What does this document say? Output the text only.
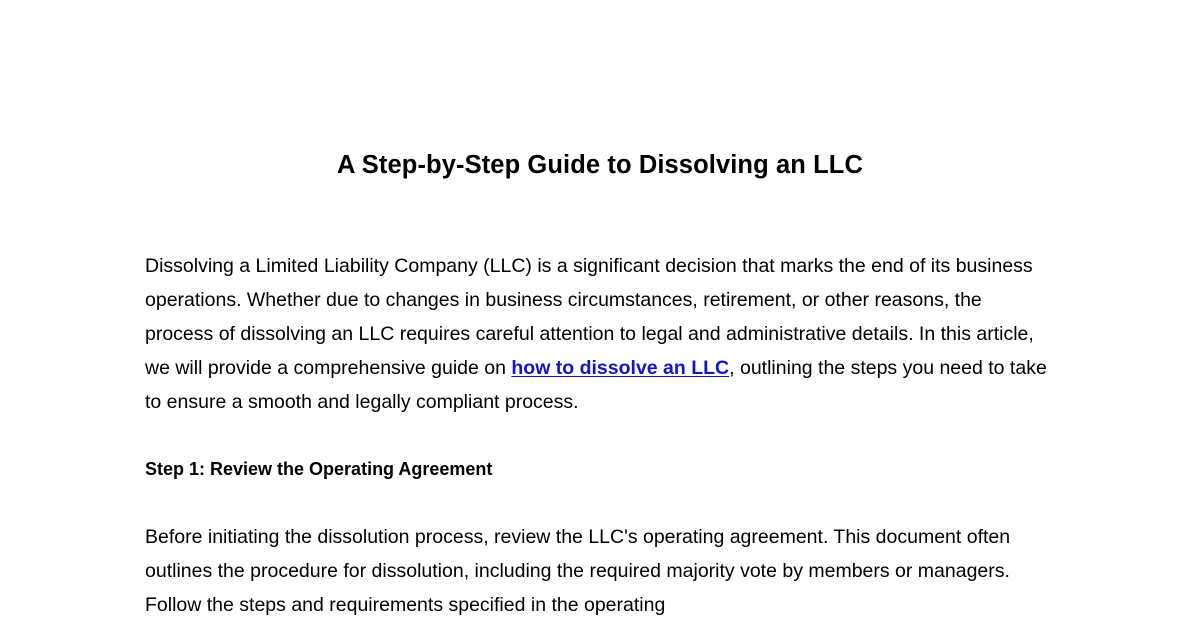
A Step-by-Step Guide to Dissolving an LLC

Dissolving a Limited Liability Company (LLC) is a significant decision that marks the end of its business operations. Whether due to changes in business circumstances, retirement, or other reasons, the process of dissolving an LLC requires careful attention to legal and administrative details. In this article, we will provide a comprehensive guide on how to dissolve an LLC, outlining the steps you need to take to ensure a smooth and legally compliant process.

Step 1: Review the Operating Agreement

Before initiating the dissolution process, review the LLC's operating agreement. This document often outlines the procedure for dissolution, including the required majority vote by members or managers. Follow the steps and requirements specified in the operating
